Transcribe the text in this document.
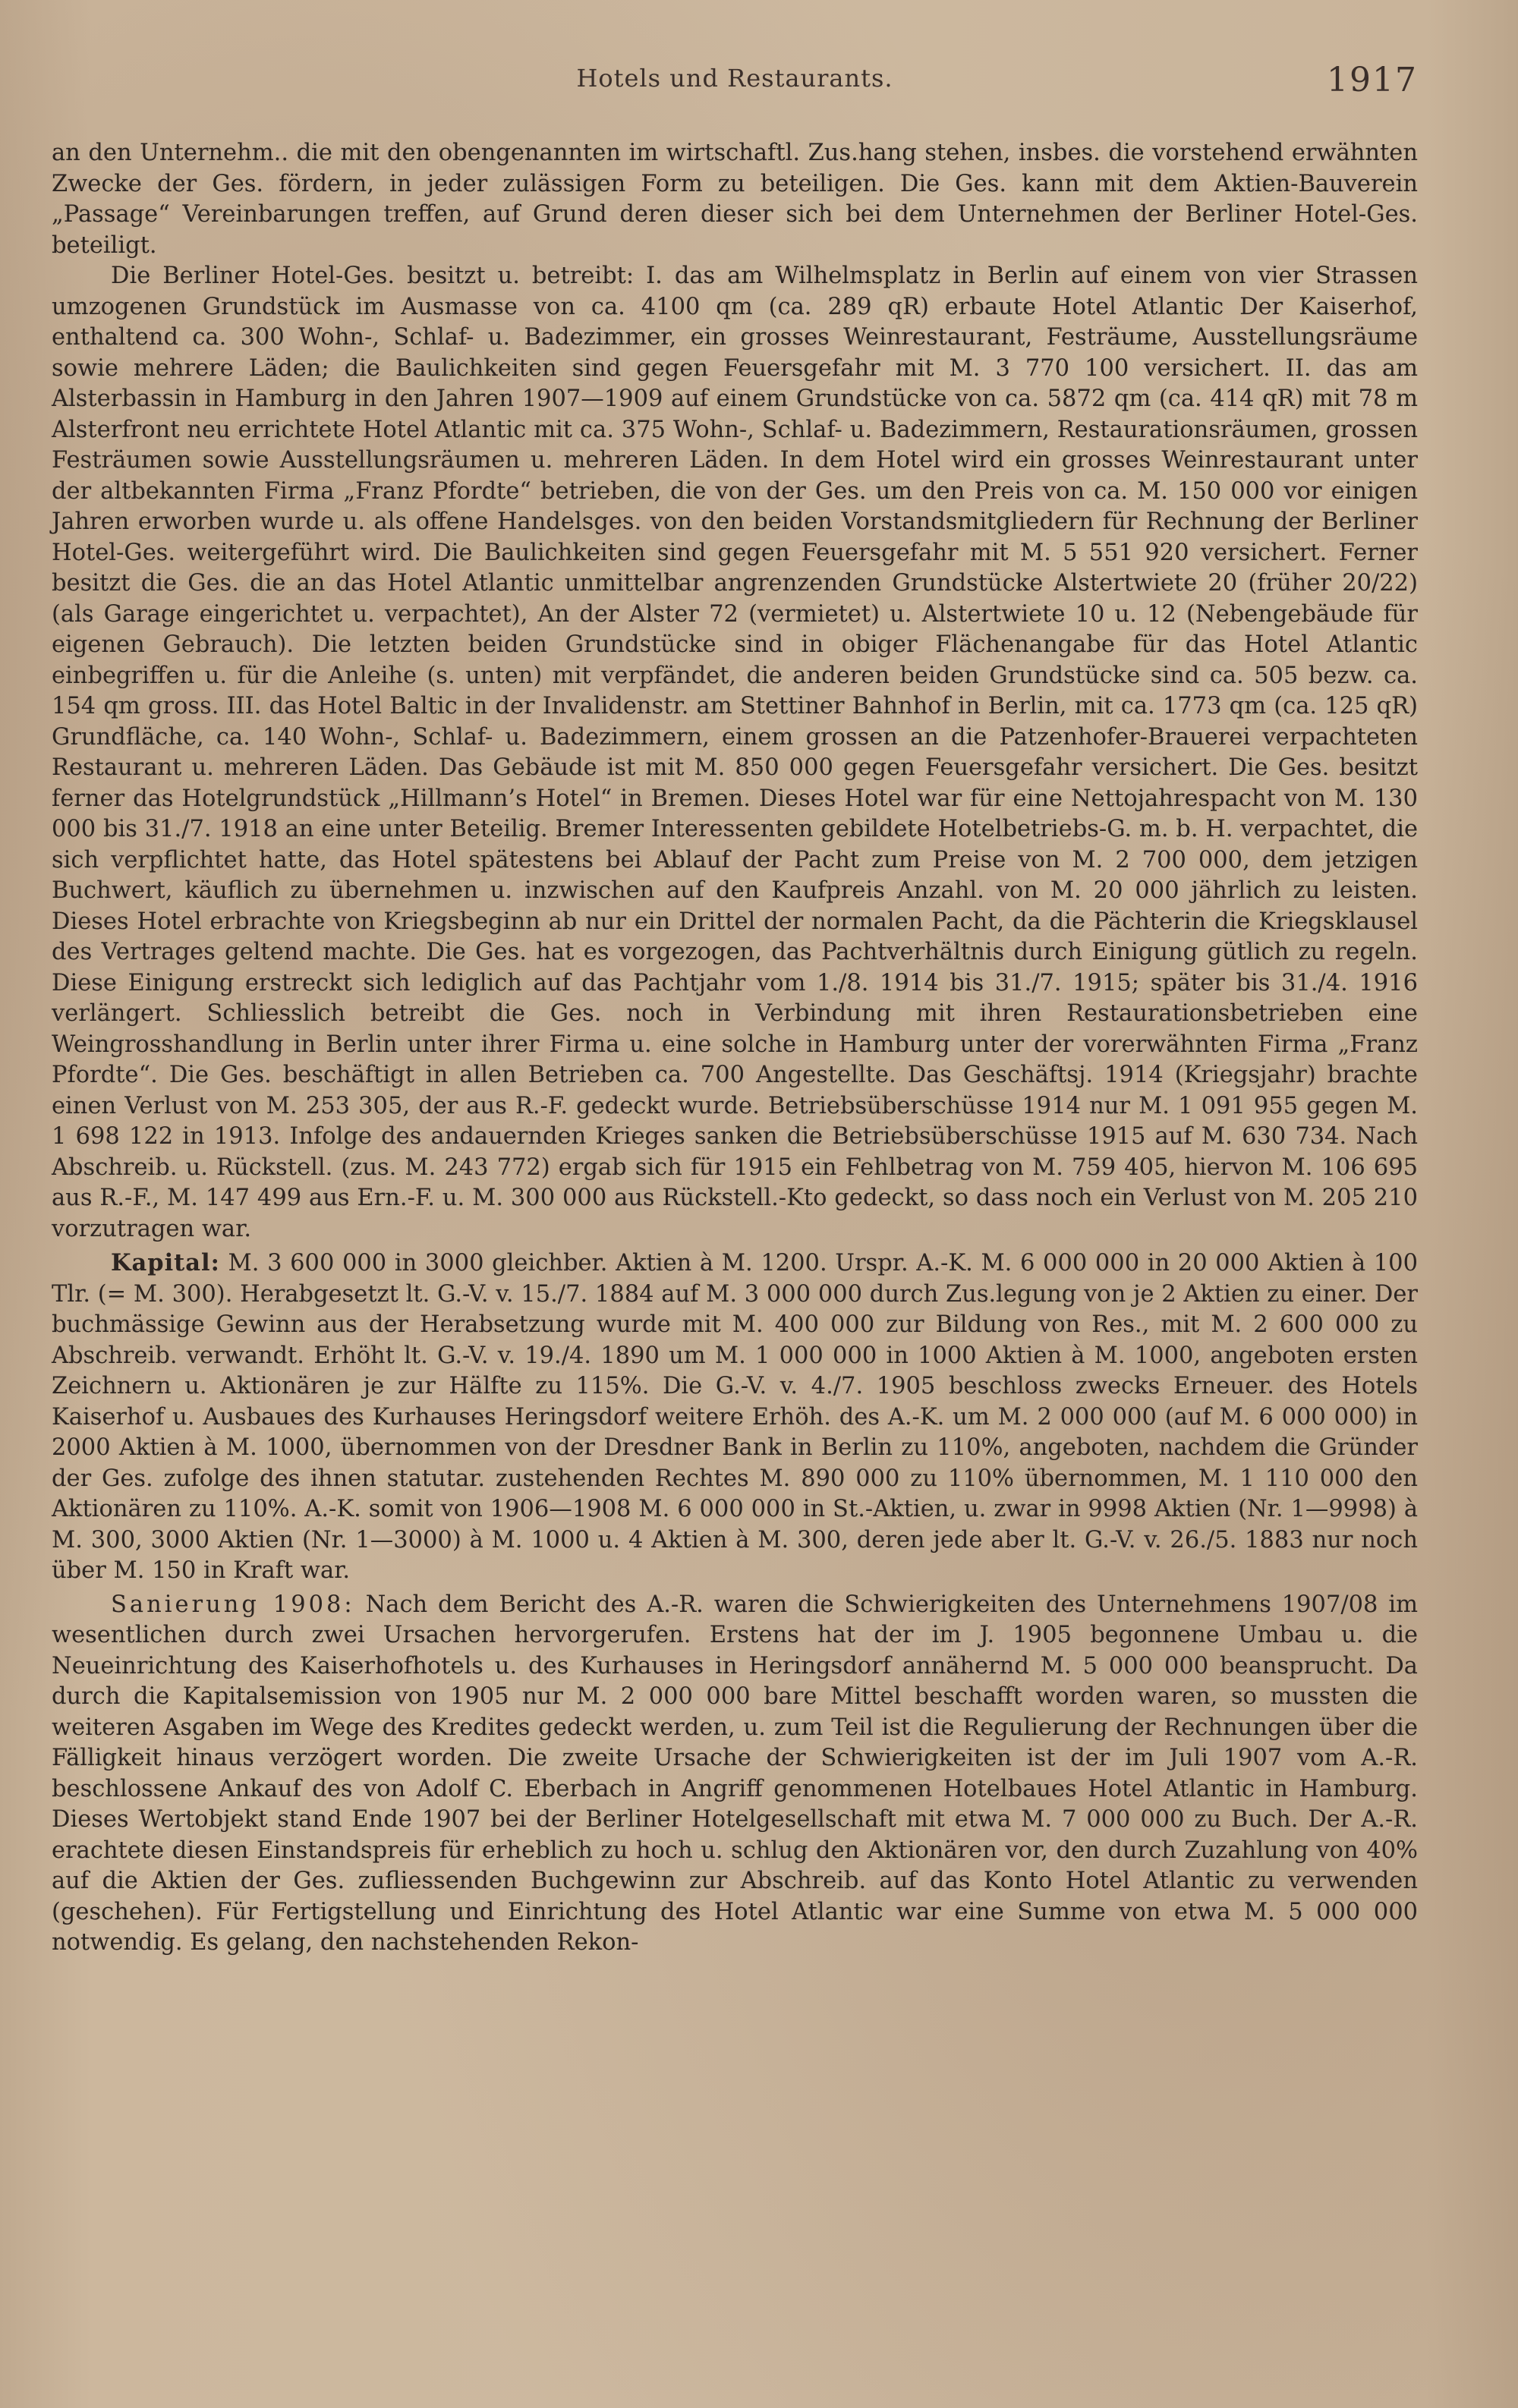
Hotels und Restaurants.	1917

an den Unternehm.. die mit den obengenannten im wirtschaftl. Zus.hang stehen, insbes. die vorstehend erwähnten Zwecke der Ges. fördern, in jeder zulässigen Form zu beteiligen. Die Ges. kann mit dem Aktien-Bauverein „Passage“ Vereinbarungen treffen, auf Grund deren dieser sich bei dem Unternehmen der Berliner Hotel-Ges. beteiligt.

Die Berliner Hotel-Ges. besitzt u. betreibt: I. das am Wilhelmsplatz in Berlin auf einem von vier Strassen umzogenen Grundstück im Ausmasse von ca. 4100 qm (ca. 289 qR) erbaute Hotel Atlantic Der Kaiserhof, enthaltend ca. 300 Wohn-, Schlaf- u. Badezimmer, ein grosses Weinrestaurant, Festräume, Ausstellungsräume sowie mehrere Läden; die Baulichkeiten sind gegen Feuersgefahr mit M. 3 770 100 versichert. II. das am Alsterbassin in Hamburg in den Jahren 1907—1909 auf einem Grundstücke von ca. 5872 qm (ca. 414 qR) mit 78 m Alsterfront neu errichtete Hotel Atlantic mit ca. 375 Wohn-, Schlaf- u. Badezimmern, Restaurationsräumen, grossen Festräumen sowie Ausstellungsräumen u. mehreren Läden. In dem Hotel wird ein grosses Weinrestaurant unter der altbekannten Firma „Franz Pfordte“ betrieben, die von der Ges. um den Preis von ca. M. 150 000 vor einigen Jahren erworben wurde u. als offene Handelsges. von den beiden Vorstandsmitgliedern für Rechnung der Berliner Hotel-Ges. weitergeführt wird. Die Baulichkeiten sind gegen Feuersgefahr mit M. 5 551 920 versichert. Ferner besitzt die Ges. die an das Hotel Atlantic unmittelbar angrenzenden Grundstücke Alstertwiete 20 (früher 20/22) (als Garage eingerichtet u. verpachtet), An der Alster 72 (vermietet) u. Alstertwiete 10 u. 12 (Nebengebäude für eigenen Gebrauch). Die letzten beiden Grundstücke sind in obiger Flächenangabe für das Hotel Atlantic einbegriffen u. für die Anleihe (s. unten) mit verpfändet, die anderen beiden Grundstücke sind ca. 505 bezw. ca. 154 qm gross. III. das Hotel Baltic in der Invalidenstr. am Stettiner Bahnhof in Berlin, mit ca. 1773 qm (ca. 125 qR) Grundfläche, ca. 140 Wohn-, Schlaf- u. Badezimmern, einem grossen an die Patzenhofer-Brauerei verpachteten Restaurant u. mehreren Läden. Das Gebäude ist mit M. 850 000 gegen Feuersgefahr versichert. Die Ges. besitzt ferner das Hotelgrundstück „Hillmann’s Hotel“ in Bremen. Dieses Hotel war für eine Nettojahrespacht von M. 130 000 bis 31./7. 1918 an eine unter Beteilig. Bremer Interessenten gebildete Hotelbetriebs-G. m. b. H. verpachtet, die sich verpflichtet hatte, das Hotel spätestens bei Ablauf der Pacht zum Preise von M. 2 700 000, dem jetzigen Buchwert, käuflich zu übernehmen u. inzwischen auf den Kaufpreis Anzahl. von M. 20 000 jährlich zu leisten. Dieses Hotel erbrachte von Kriegsbeginn ab nur ein Drittel der normalen Pacht, da die Pächterin die Kriegsklausel des Vertrages geltend machte. Die Ges. hat es vorgezogen, das Pachtverhältnis durch Einigung gütlich zu regeln. Diese Einigung erstreckt sich lediglich auf das Pachtjahr vom 1./8. 1914 bis 31./7. 1915; später bis 31./4. 1916 verlängert. Schliesslich betreibt die Ges. noch in Verbindung mit ihren Restaurationsbetrieben eine Weingrosshandlung in Berlin unter ihrer Firma u. eine solche in Hamburg unter der vorerwähnten Firma „Franz Pfordte“. Die Ges. beschäftigt in allen Betrieben ca. 700 Angestellte. Das Geschäftsj. 1914 (Kriegsjahr) brachte einen Verlust von M. 253 305, der aus R.-F. gedeckt wurde. Betriebsüberschüsse 1914 nur M. 1 091 955 gegen M. 1 698 122 in 1913. Infolge des andauernden Krieges sanken die Betriebsüberschüsse 1915 auf M. 630 734. Nach Abschreib. u. Rückstell. (zus. M. 243 772) ergab sich für 1915 ein Fehlbetrag von M. 759 405, hiervon M. 106 695 aus R.-F., M. 147 499 aus Ern.-F. u. M. 300 000 aus Rückstell.-Kto gedeckt, so dass noch ein Verlust von M. 205 210 vorzutragen war.

Kapital: M. 3 600 000 in 3000 gleichber. Aktien à M. 1200. Urspr. A.-K. M. 6 000 000 in 20 000 Aktien à 100 Tlr. (= M. 300). Herabgesetzt lt. G.-V. v. 15./7. 1884 auf M. 3 000 000 durch Zus.legung von je 2 Aktien zu einer. Der buchmässige Gewinn aus der Herabsetzung wurde mit M. 400 000 zur Bildung von Res., mit M. 2 600 000 zu Abschreib. verwandt. Erhöht lt. G.-V. v. 19./4. 1890 um M. 1 000 000 in 1000 Aktien à M. 1000, angeboten ersten Zeichnern u. Aktionären je zur Hälfte zu 115%. Die G.-V. v. 4./7. 1905 beschloss zwecks Erneuer. des Hotels Kaiserhof u. Ausbaues des Kurhauses Heringsdorf weitere Erhöh. des A.-K. um M. 2 000 000 (auf M. 6 000 000) in 2000 Aktien à M. 1000, übernommen von der Dresdner Bank in Berlin zu 110%, angeboten, nachdem die Gründer der Ges. zufolge des ihnen statutar. zustehenden Rechtes M. 890 000 zu 110% übernommen, M. 1 110 000 den Aktionären zu 110%. A.-K. somit von 1906—1908 M. 6 000 000 in St.-Aktien, u. zwar in 9998 Aktien (Nr. 1—9998) à M. 300, 3000 Aktien (Nr. 1—3000) à M. 1000 u. 4 Aktien à M. 300, deren jede aber lt. G.-V. v. 26./5. 1883 nur noch über M. 150 in Kraft war.

Sanierung 1908: Nach dem Bericht des A.-R. waren die Schwierigkeiten des Unternehmens 1907/08 im wesentlichen durch zwei Ursachen hervorgerufen. Erstens hat der im J. 1905 begonnene Umbau u. die Neueinrichtung des Kaiserhofhotels u. des Kurhauses in Heringsdorf annähernd M. 5 000 000 beansprucht. Da durch die Kapitalsemission von 1905 nur M. 2 000 000 bare Mittel beschafft worden waren, so mussten die weiteren Asgaben im Wege des Kredites gedeckt werden, u. zum Teil ist die Regulierung der Rechnungen über die Fälligkeit hinaus verzögert worden. Die zweite Ursache der Schwierigkeiten ist der im Juli 1907 vom A.-R. beschlossene Ankauf des von Adolf C. Eberbach in Angriff genommenen Hotelbaues Hotel Atlantic in Hamburg. Dieses Wertobjekt stand Ende 1907 bei der Berliner Hotelgesellschaft mit etwa M. 7 000 000 zu Buch. Der A.-R. erachtete diesen Einstandspreis für erheblich zu hoch u. schlug den Aktionären vor, den durch Zuzahlung von 40% auf die Aktien der Ges. zufliessenden Buchgewinn zur Abschreib. auf das Konto Hotel Atlantic zu verwenden (geschehen). Für Fertigstellung und Einrichtung des Hotel Atlantic war eine Summe von etwa M. 5 000 000 notwendig. Es gelang, den nachstehenden Rekon-
